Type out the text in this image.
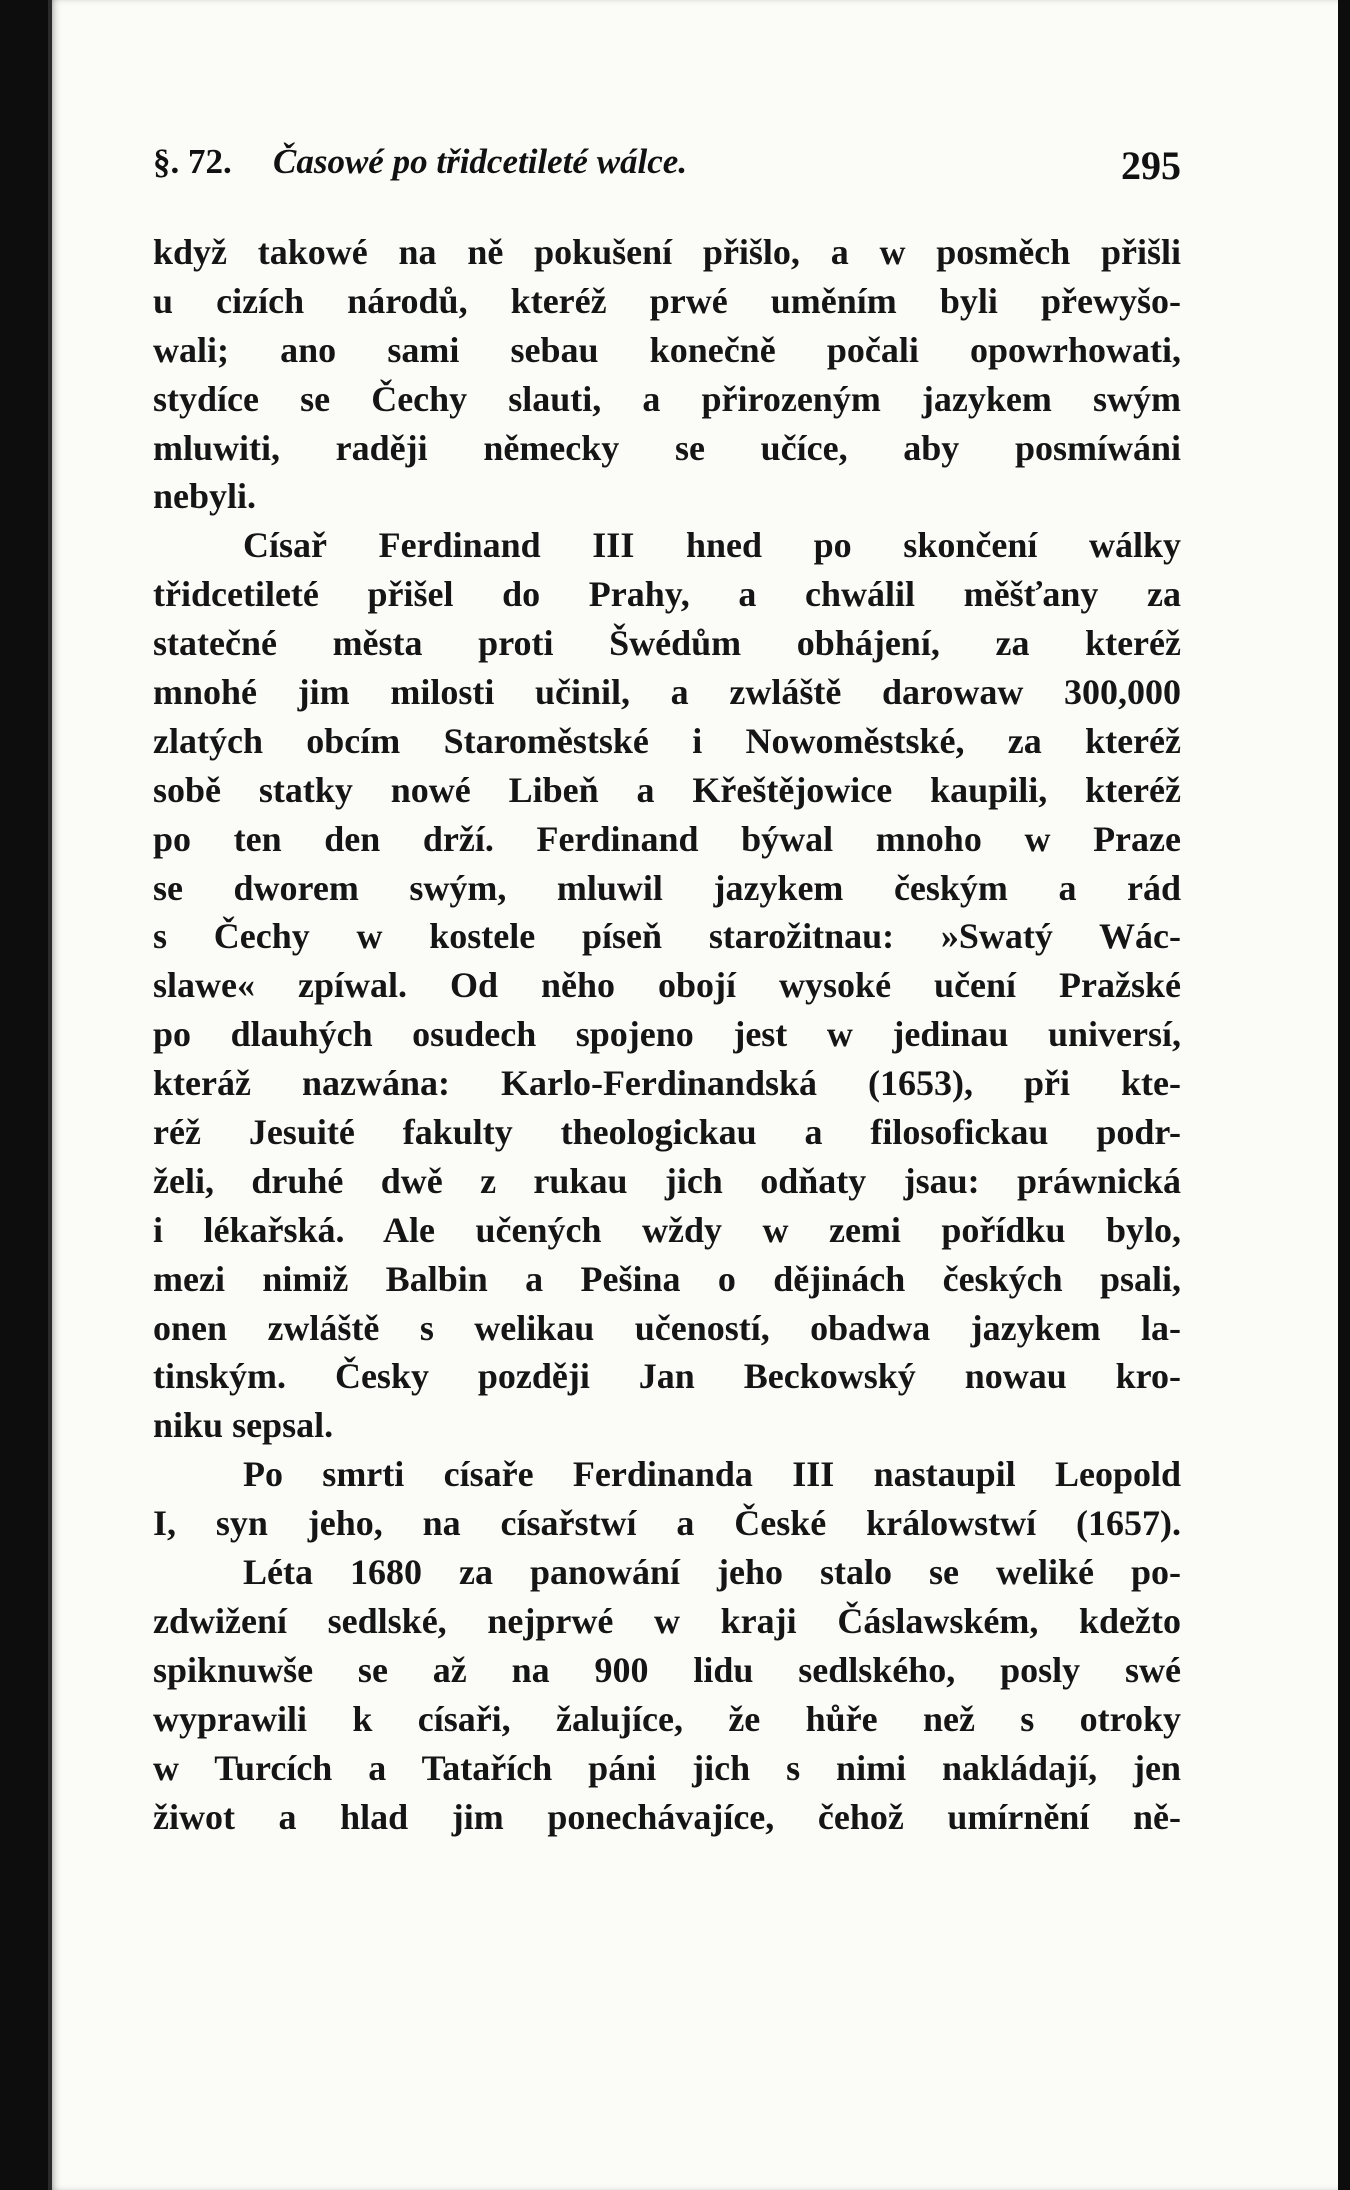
§. 72. Časowé po třidcetileté wálce.	295
když takowé na ně pokušení přišlo, a w posměch přišli
u cizích národů, kteréž prwé uměním byli přewyšo-
wali; ano sami sebau konečně počali opowrhowati,
stydíce se Čechy slauti, a přirozeným jazykem swým
mluwiti, raději německy se učíce, aby posmíwáni
nebyli.
Císař Ferdinand III hned po skončení wálky
třidcetileté přišel do Prahy, a chwálil měšťany za
statečné města proti Šwédům obhájení, za kteréž
mnohé jim milosti učinil, a zwláště darowaw 300,000
zlatých obcím Staroměstské i Nowoměstské, za kteréž
sobě statky nowé Libeň a Křeštějowice kaupili, kteréž
po ten den drží. Ferdinand býwal mnoho w Praze
se dworem swým, mluwil jazykem českým a rád
s Čechy w kostele píseň starožitnau: »Swatý Wác-
slawe« zpíwal. Od něho obojí wysoké učení Pražské
po dlauhých osudech spojeno jest w jedinau universí,
kteráž nazwána: Karlo-Ferdinandská (1653), při kte-
réž Jesuité fakulty theologickau a filosofickau podr-
želi, druhé dwě z rukau jich odňaty jsau: práwnická
i lékařská. Ale učených wždy w zemi pořídku bylo,
mezi nimiž Balbin a Pešina o dějinách českých psali,
onen zwláště s welikau učeností, obadwa jazykem la-
tinským. Česky později Jan Beckowský nowau kro-
niku sepsal.
Po smrti císaře Ferdinanda III nastaupil Leopold
I, syn jeho, na císařstwí a České králowstwí (1657).
Léta 1680 za panowání jeho stalo se weliké po-
zdwižení sedlské, nejprwé w kraji Čáslawském, kdežto
spiknuwše se až na 900 lidu sedlského, posly swé
wyprawili k císaři, žalujíce, že hůře než s otroky
w Turcích a Tatařích páni jich s nimi nakládají, jen
žiwot a hlad jim ponechávajíce, čehož umírnění ně-
